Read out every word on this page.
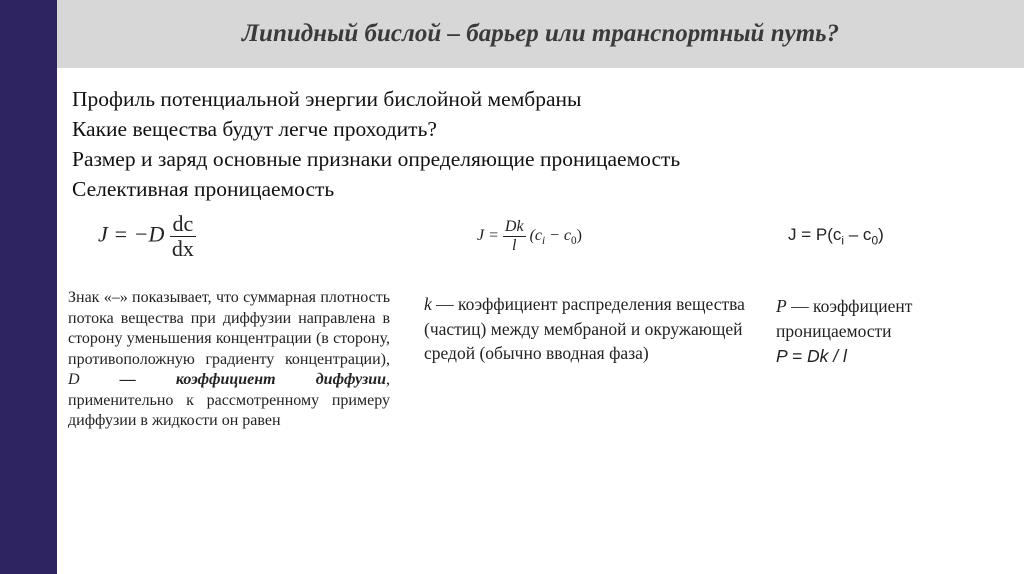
Липидный бислой – барьер или транспортный путь?
Профиль потенциальной энергии бислойной мембраны
Какие вещества будут легче проходить?
Размер и заряд основные признаки определяющие проницаемость
Селективная проницаемость
$J = -D \frac{dc}{dx}$	$J = \frac{Dk}{l} (c_i - c_0)$	$J = P(c_i - c_0)$
Знак «–» показывает, что суммарная плотность потока вещества при диффузии направлена в сторону уменьшения концентрации (в сторону, противоположную градиенту концентрации), D — коэффициент диффузии, применительно к рассмотренному примеру диффузии в жидкости он равен
k — коэффициент распределения вещества (частиц) между мембраной и окружающей средой (обычно вводная фаза)
P — коэффициент проницаемости
P = Dk / l
